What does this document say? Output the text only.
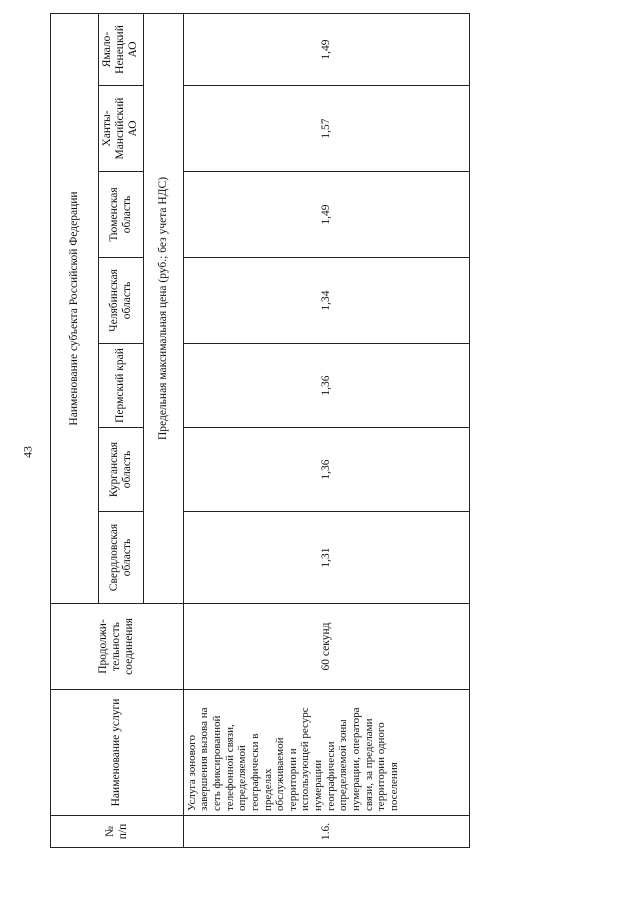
43
№
п/п	Наименование услуги	Продолжи-тельность соединения	Наименование субъекта Российской Федерации						
			Свердловская область	Курганская область	Пермский край	Челябинская область	Тюменская область	Ханты-Мансийский АО	Ямало-Ненецкий АО
			Предельная максимальная цена (руб.; без учета НДС)						
1.6.	Услуга зонового завершения вызова на сеть фиксированной телефонной связи, определяемой географически в пределах обслуживаемой территории и использующей ресурс нумерации географически определяемой зоны нумерации, оператора связи, за пределами территории одного поселения	60 секунд	1,31	1,36	1,36	1,34	1,49	1,57	1,49
